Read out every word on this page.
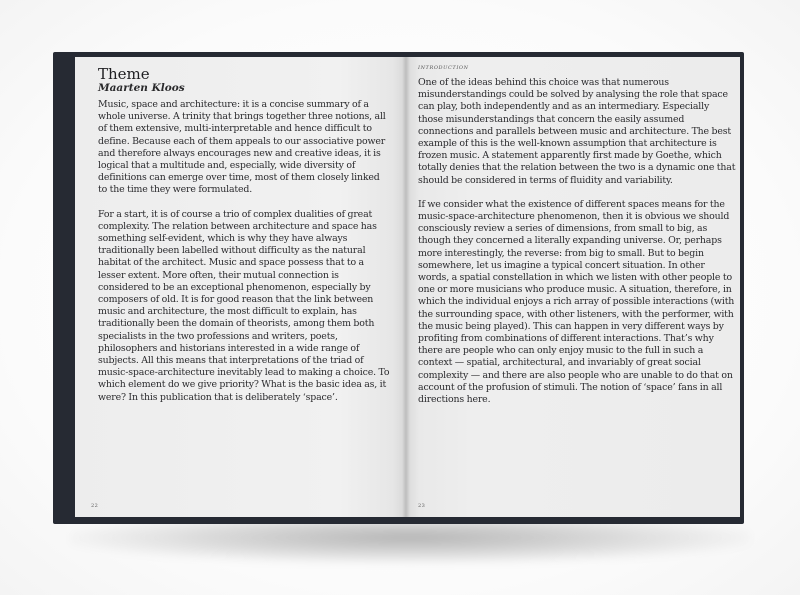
Theme
Maarten Kloos

Music, space and architecture: it is a concise summary of a whole universe. A trinity that brings together three notions, all of them extensive, multi-interpretable and hence difficult to define. Because each of them appeals to our associative power and therefore always encourages new and creative ideas, it is logical that a multitude and, especially, wide diversity of definitions can emerge over time, most of them closely linked to the time they were formulated.

For a start, it is of course a trio of complex dualities of great complexity. The relation between architecture and space has something self-evident, which is why they have always traditionally been labelled without difficulty as the natural habitat of the architect. Music and space possess that to a lesser extent. More often, their mutual connection is considered to be an exceptional phenomenon, especially by composers of old. It is for good reason that the link between music and architecture, the most difficult to explain, has traditionally been the domain of theorists, among them both specialists in the two professions and writers, poets, philosophers and historians interested in a wide range of subjects. All this means that interpretations of the triad of music-space-architecture inevitably lead to making a choice. To which element do we give priority? What is the basic idea as, it were? In this publication that is deliberately ‘space’.

22
INTRODUCTION

One of the ideas behind this choice was that numerous misunderstandings could be solved by analysing the role that space can play, both independently and as an intermediary. Especially those misunderstandings that concern the easily assumed connections and parallels between music and architecture. The best example of this is the well-known assumption that architecture is frozen music. A statement apparently first made by Goethe, which totally denies that the relation between the two is a dynamic one that should be considered in terms of fluidity and variability.

If we consider what the existence of different spaces means for the music-space-architecture phenomenon, then it is obvious we should consciously review a series of dimensions, from small to big, as though they concerned a literally expanding universe. Or, perhaps more interestingly, the reverse: from big to small. But to begin somewhere, let us imagine a typical concert situation. In other words, a spatial constellation in which we listen with other people to one or more musicians who produce music. A situation, therefore, in which the individual enjoys a rich array of possible interactions (with the surrounding space, with other listeners, with the performer, with the music being played). This can happen in very different ways by profiting from combinations of different interactions. That’s why there are people who can only enjoy music to the full in such a context — spatial, architectural, and invariably of great social complexity — and there are also people who are unable to do that on account of the profusion of stimuli. The notion of ‘space’ fans in all directions here.

23
